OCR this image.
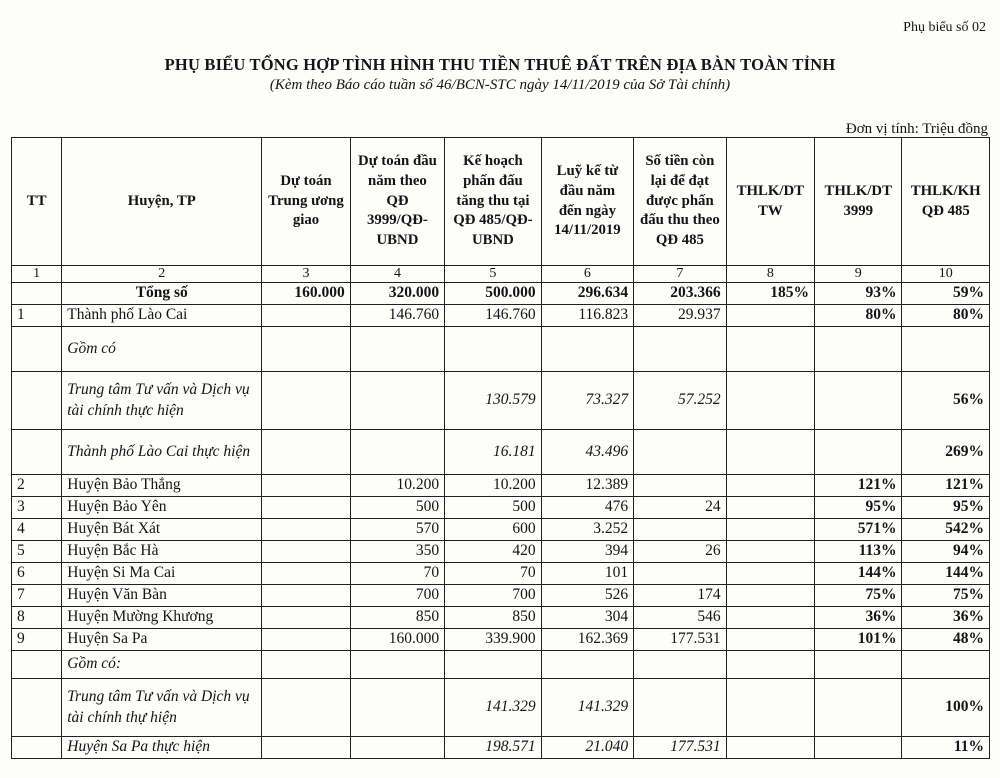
Phụ biểu số 02
PHỤ BIỂU TỔNG HỢP TÌNH HÌNH THU TIỀN THUÊ ĐẤT TRÊN ĐỊA BÀN TOÀN TỈNH
(Kèm theo Báo cáo tuần số 46/BCN-STC ngày 14/11/2019 của Sở Tài chính)
Đơn vị tính: Triệu đồng
TT	Huyện, TP	Dự toán Trung ương giao	Dự toán đầu năm theo QĐ 3999/QĐ-UBND	Kế hoạch phấn đấu tăng thu tại QĐ 485/QĐ-UBND	Luỹ kế từ đầu năm đến ngày 14/11/2019	Số tiền còn lại để đạt được phấn đấu thu theo QĐ 485	THLK/DT TW	THLK/DT 3999	THLK/KH QĐ 485
1	2	3	4	5	6	7	8	9	10
	Tổng số	160.000	320.000	500.000	296.634	203.366	185%	93%	59%
1	Thành phố Lào Cai		146.760	146.760	116.823	29.937		80%	80%
	Gồm có								
	Trung tâm Tư vấn và Dịch vụ tài chính thực hiện			130.579	73.327	57.252			56%
	Thành phố Lào Cai thực hiện			16.181	43.496				269%
2	Huyện Bảo Thắng		10.200	10.200	12.389			121%	121%
3	Huyện Bảo Yên		500	500	476	24		95%	95%
4	Huyện Bát Xát		570	600	3.252			571%	542%
5	Huyện Bắc Hà		350	420	394	26		113%	94%
6	Huyện Si Ma Cai		70	70	101			144%	144%
7	Huyện Văn Bàn		700	700	526	174		75%	75%
8	Huyện Mường Khương		850	850	304	546		36%	36%
9	Huyện Sa Pa		160.000	339.900	162.369	177.531		101%	48%
	Gồm có:								
	Trung tâm Tư vấn và Dịch vụ tài chính thự hiện			141.329	141.329				100%
	Huyện Sa Pa thực hiện			198.571	21.040	177.531			11%
